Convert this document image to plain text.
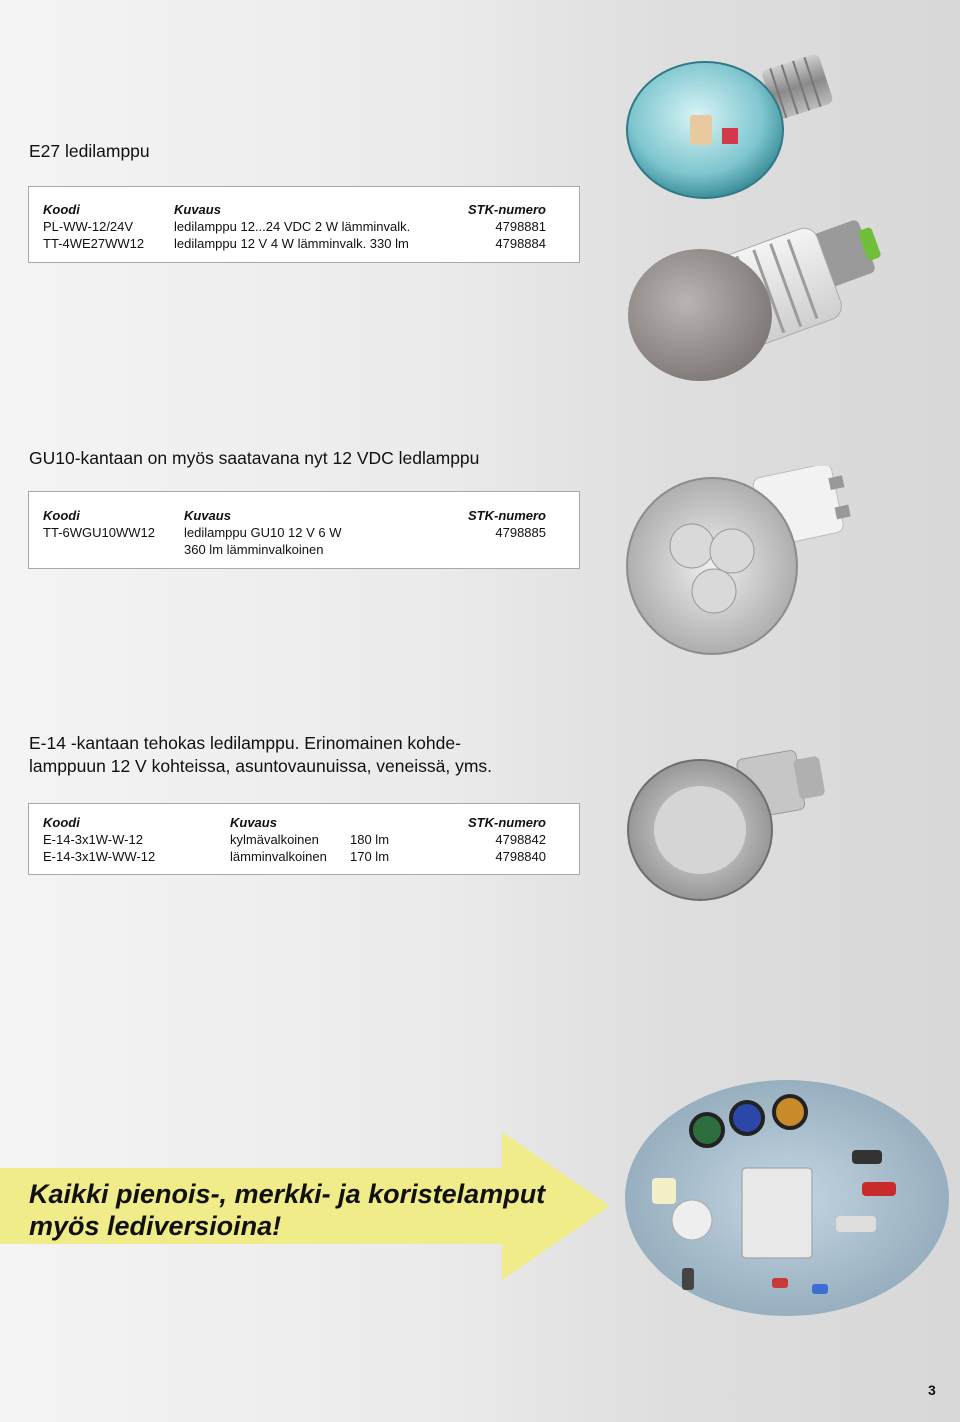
E27 ledilamppu
Koodi	Kuvaus	STK-numero
PL-WW-12/24V	ledilamppu 12...24 VDC 2 W lämminvalk.	4798881
TT-4WE27WW12 ledilamppu 12 V 4 W lämminvalk. 330 lm	4798884
GU10-kantaan on myös saatavana nyt 12 VDC ledlamppu
Koodi	Kuvaus	STK-numero
TT-6WGU10WW12 ledilamppu GU10 12 V 6 W	4798885
360 lm lämminvalkoinen
E-14 -kantaan tehokas ledilamppu. Erinomainen kohde-
lamppuun 12 V kohteissa, asuntovaunuissa, veneissä, yms.
Koodi	Kuvaus	STK-numero
E-14-3x1W-W-12	kylmävalkoinen 180 lm	4798842
E-14-3x1W-WW-12	lämminvalkoinen 170 lm	4798840
Kaikki pienois-, merkki- ja koristelamput
myös lediversioina!
3
